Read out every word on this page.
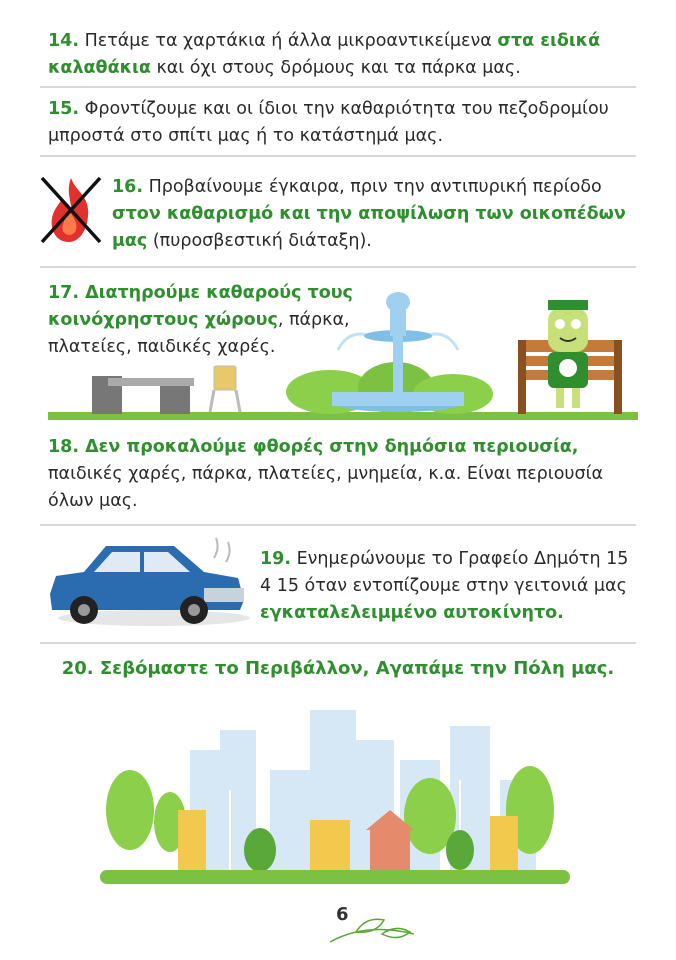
14. Πετάμε τα χαρτάκια ή άλλα μικροαντικείμενα στα ειδικά καλαθάκια και όχι στους δρόμους και τα πάρκα μας.
15. Φροντίζουμε και οι ίδιοι την καθαριότητα του πεζοδρομίου μπροστά στο σπίτι μας ή το κατάστημά μας.
16. Προβαίνουμε έγκαιρα, πριν την αντιπυρική περίοδο στον καθαρισμό και την αποψίλωση των οικοπέδων μας (πυροσβεστική διάταξη).
17. Διατηρούμε καθαρούς τους κοινόχρηστους χώρους, πάρκα, πλατείες, παιδικές χαρές.
18. Δεν προκαλούμε φθορές στην δημόσια περιουσία, παιδικές χαρές, πάρκα, πλατείες, μνημεία, κ.α. Είναι περιουσία όλων μας.
19. Ενημερώνουμε το Γραφείο Δημότη 15 4 15 όταν εντοπίζουμε στην γειτονιά μας εγκαταλελειμμένο αυτοκίνητο.
20. Σεβόμαστε το Περιβάλλον, Αγαπάμε την Πόλη μας.
6
